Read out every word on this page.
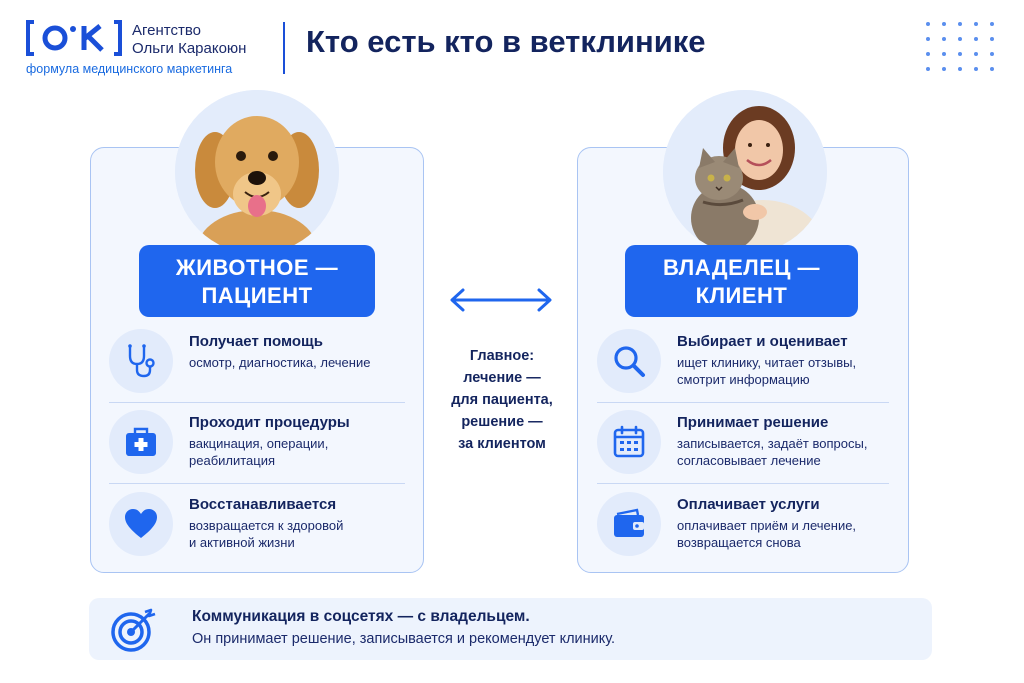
Агентство
Ольги Каракоюн
формула медицинского маркетинга
Кто есть кто в ветклинике
ЖИВОТНОЕ —
ПАЦИЕНТ
Получает помощь
осмотр, диагностика, лечение
Проходит процедуры
вакцинация, операции,
реабилитация
Восстанавливается
возвращается к здоровой
и активной жизни
Главное:
лечение —
для пациента,
решение —
за клиентом
ВЛАДЕЛЕЦ —
КЛИЕНТ
Выбирает и оценивает
ищет клинику, читает отзывы,
смотрит информацию
Принимает решение
записывается, задаёт вопросы,
согласовывает лечение
Оплачивает услуги
оплачивает приём и лечение,
возвращается снова
Коммуникация в соцсетях — с владельцем.
Он принимает решение, записывается и рекомендует клинику.
